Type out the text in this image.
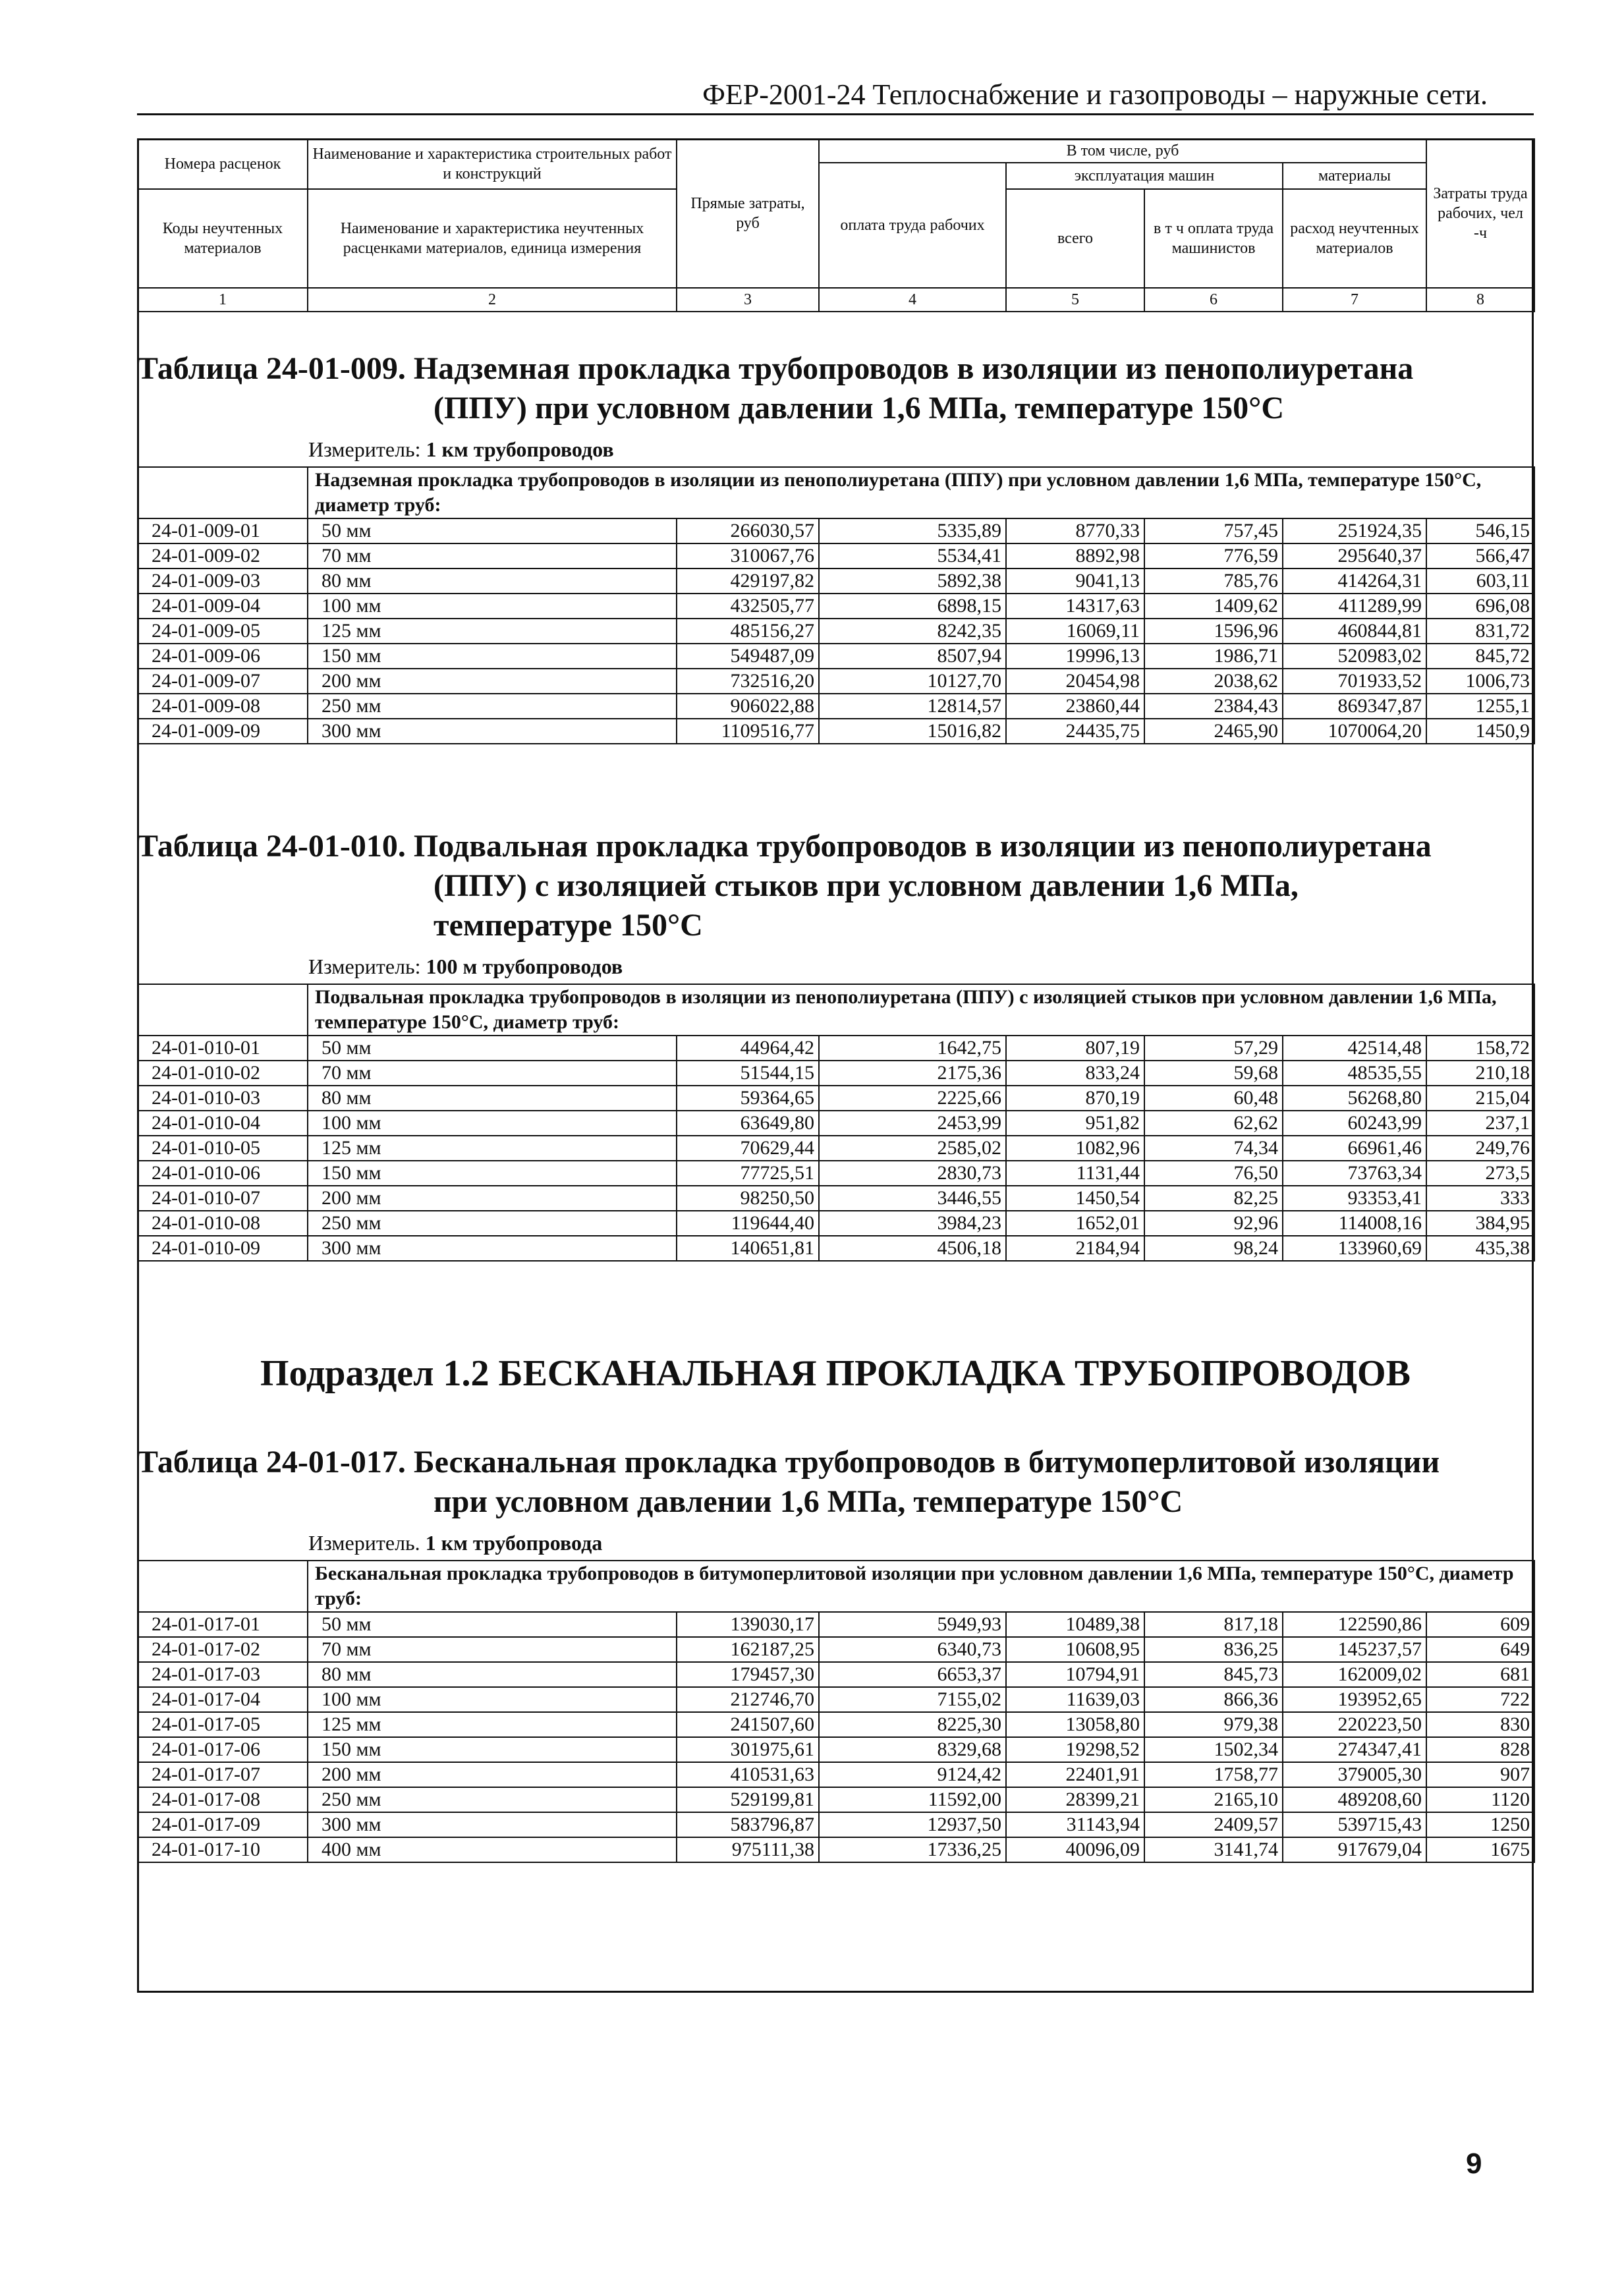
ФЕР-2001-24 Теплоснабжение и газопроводы – наружные сети.
Номера расценок	Наименование и характеристика строительных работ и конструкций	Прямые затраты, руб	В том числе, руб				Затраты труда рабочих, чел -ч
			оплата труда рабочих	эксплуатация машин		материалы	
Коды неучтенных материалов	Наименование и характеристика неучтенных расценками материалов, единица измерения			всего	в т ч оплата труда машинистов	расход неучтенных материалов	

1	2	3	4	5	6	7	8
Таблица 24-01-009. Надземная прокладка трубопроводов в изоляции из пенополиуретана
(ППУ) при условном давлении 1,6 МПа, температуре 150°С
Измеритель: 1 км трубопроводов
	Надземная прокладка трубопроводов в изоляции из пенополиуретана (ППУ) при условном давлении 1,6 МПа, температуре 150°С, диаметр труб:						
24-01-009-01	50 мм	266030,57	5335,89	8770,33	757,45	251924,35	546,15
24-01-009-02	70 мм	310067,76	5534,41	8892,98	776,59	295640,37	566,47
24-01-009-03	80 мм	429197,82	5892,38	9041,13	785,76	414264,31	603,11
24-01-009-04	100 мм	432505,77	6898,15	14317,63	1409,62	411289,99	696,08
24-01-009-05	125 мм	485156,27	8242,35	16069,11	1596,96	460844,81	831,72
24-01-009-06	150 мм	549487,09	8507,94	19996,13	1986,71	520983,02	845,72
24-01-009-07	200 мм	732516,20	10127,70	20454,98	2038,62	701933,52	1006,73
24-01-009-08	250 мм	906022,88	12814,57	23860,44	2384,43	869347,87	1255,1
24-01-009-09	300 мм	1109516,77	15016,82	24435,75	2465,90	1070064,20	1450,9
Таблица 24-01-010. Подвальная прокладка трубопроводов в изоляции из пенополиуретана
(ППУ) с изоляцией стыков при условном давлении 1,6 МПа,
температуре 150°С
Измеритель: 100 м трубопроводов
	Подвальная прокладка трубопроводов в изоляции из пенополиуретана (ППУ) с изоляцией стыков при условном давлении 1,6 МПа, температуре 150°С, диаметр труб:						
24-01-010-01	50 мм	44964,42	1642,75	807,19	57,29	42514,48	158,72
24-01-010-02	70 мм	51544,15	2175,36	833,24	59,68	48535,55	210,18
24-01-010-03	80 мм	59364,65	2225,66	870,19	60,48	56268,80	215,04
24-01-010-04	100 мм	63649,80	2453,99	951,82	62,62	60243,99	237,1
24-01-010-05	125 мм	70629,44	2585,02	1082,96	74,34	66961,46	249,76
24-01-010-06	150 мм	77725,51	2830,73	1131,44	76,50	73763,34	273,5
24-01-010-07	200 мм	98250,50	3446,55	1450,54	82,25	93353,41	333
24-01-010-08	250 мм	119644,40	3984,23	1652,01	92,96	114008,16	384,95
24-01-010-09	300 мм	140651,81	4506,18	2184,94	98,24	133960,69	435,38
Подраздел 1.2 БЕСКАНАЛЬНАЯ ПРОКЛАДКА ТРУБОПРОВОДОВ
Таблица 24-01-017. Бесканальная прокладка трубопроводов в битумоперлитовой изоляции
при условном давлении 1,6 МПа, температуре 150°С
Измеритель. 1 км трубопровода
	Бесканальная прокладка трубопроводов в битумоперлитовой изоляции при условном давлении 1,6 МПа, температуре 150°С, диаметр труб:						
24-01-017-01	50 мм	139030,17	5949,93	10489,38	817,18	122590,86	609
24-01-017-02	70 мм	162187,25	6340,73	10608,95	836,25	145237,57	649
24-01-017-03	80 мм	179457,30	6653,37	10794,91	845,73	162009,02	681
24-01-017-04	100 мм	212746,70	7155,02	11639,03	866,36	193952,65	722
24-01-017-05	125 мм	241507,60	8225,30	13058,80	979,38	220223,50	830
24-01-017-06	150 мм	301975,61	8329,68	19298,52	1502,34	274347,41	828
24-01-017-07	200 мм	410531,63	9124,42	22401,91	1758,77	379005,30	907
24-01-017-08	250 мм	529199,81	11592,00	28399,21	2165,10	489208,60	1120
24-01-017-09	300 мм	583796,87	12937,50	31143,94	2409,57	539715,43	1250
24-01-017-10	400 мм	975111,38	17336,25	40096,09	3141,74	917679,04	1675
9
